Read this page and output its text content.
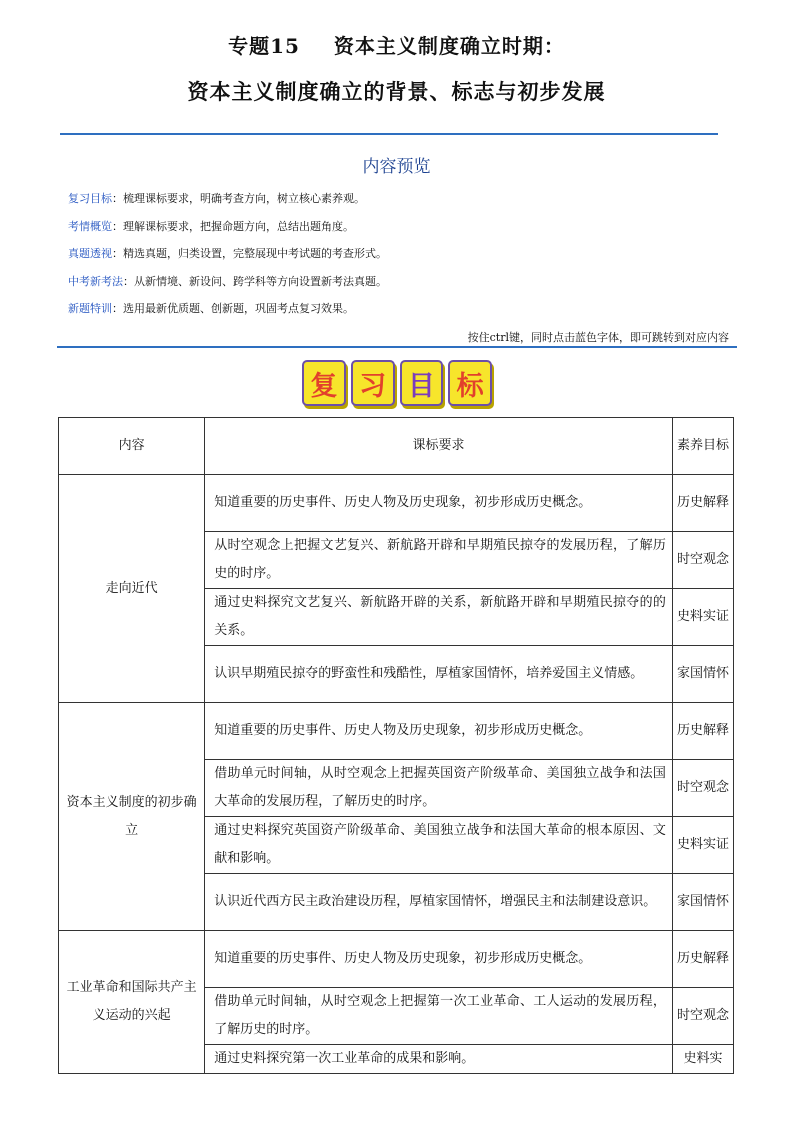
专题15 资本主义制度确立时期：
资本主义制度确立的背景、标志与初步发展
内容预览
复习目标：梳理课标要求，明确考查方向，树立核心素养观。
考情概览：理解课标要求，把握命题方向，总结出题角度。
真题透视：精选真题，归类设置，完整展现中考试题的考查形式。
中考新考法：从新情境、新设问、跨学科等方向设置新考法真题。
新题特训：选用最新优质题、创新题，巩固考点复习效果。
按住ctrl键，同时点击蓝色字体，即可跳转到对应内容
复 习 目 标
内容	课标要求	素养目标
走向近代	知道重要的历史事件、历史人物及历史现象，初步形成历史概念。	历史解释
	从时空观念上把握文艺复兴、新航路开辟和早期殖民掠夺的发展历程，了解历史的时序。	时空观念
	通过史料探究文艺复兴、新航路开辟的关系，新航路开辟和早期殖民掠夺的的关系。	史料实证
	认识早期殖民掠夺的野蛮性和残酷性，厚植家国情怀，培养爱国主义情感。	家国情怀
资本主义制度的初步确立	知道重要的历史事件、历史人物及历史现象，初步形成历史概念。	历史解释
	借助单元时间轴，从时空观念上把握英国资产阶级革命、美国独立战争和法国大革命的发展历程，了解历史的时序。	时空观念
	通过史料探究英国资产阶级革命、美国独立战争和法国大革命的根本原因、文献和影响。	史料实证
	认识近代西方民主政治建设历程，厚植家国情怀，增强民主和法制建设意识。	家国情怀
工业革命和国际共产主义运动的兴起	知道重要的历史事件、历史人物及历史现象，初步形成历史概念。	历史解释
	借助单元时间轴，从时空观念上把握第一次工业革命、工人运动的发展历程，了解历史的时序。	时空观念
	通过史料探究第一次工业革命的成果和影响。	史料实
